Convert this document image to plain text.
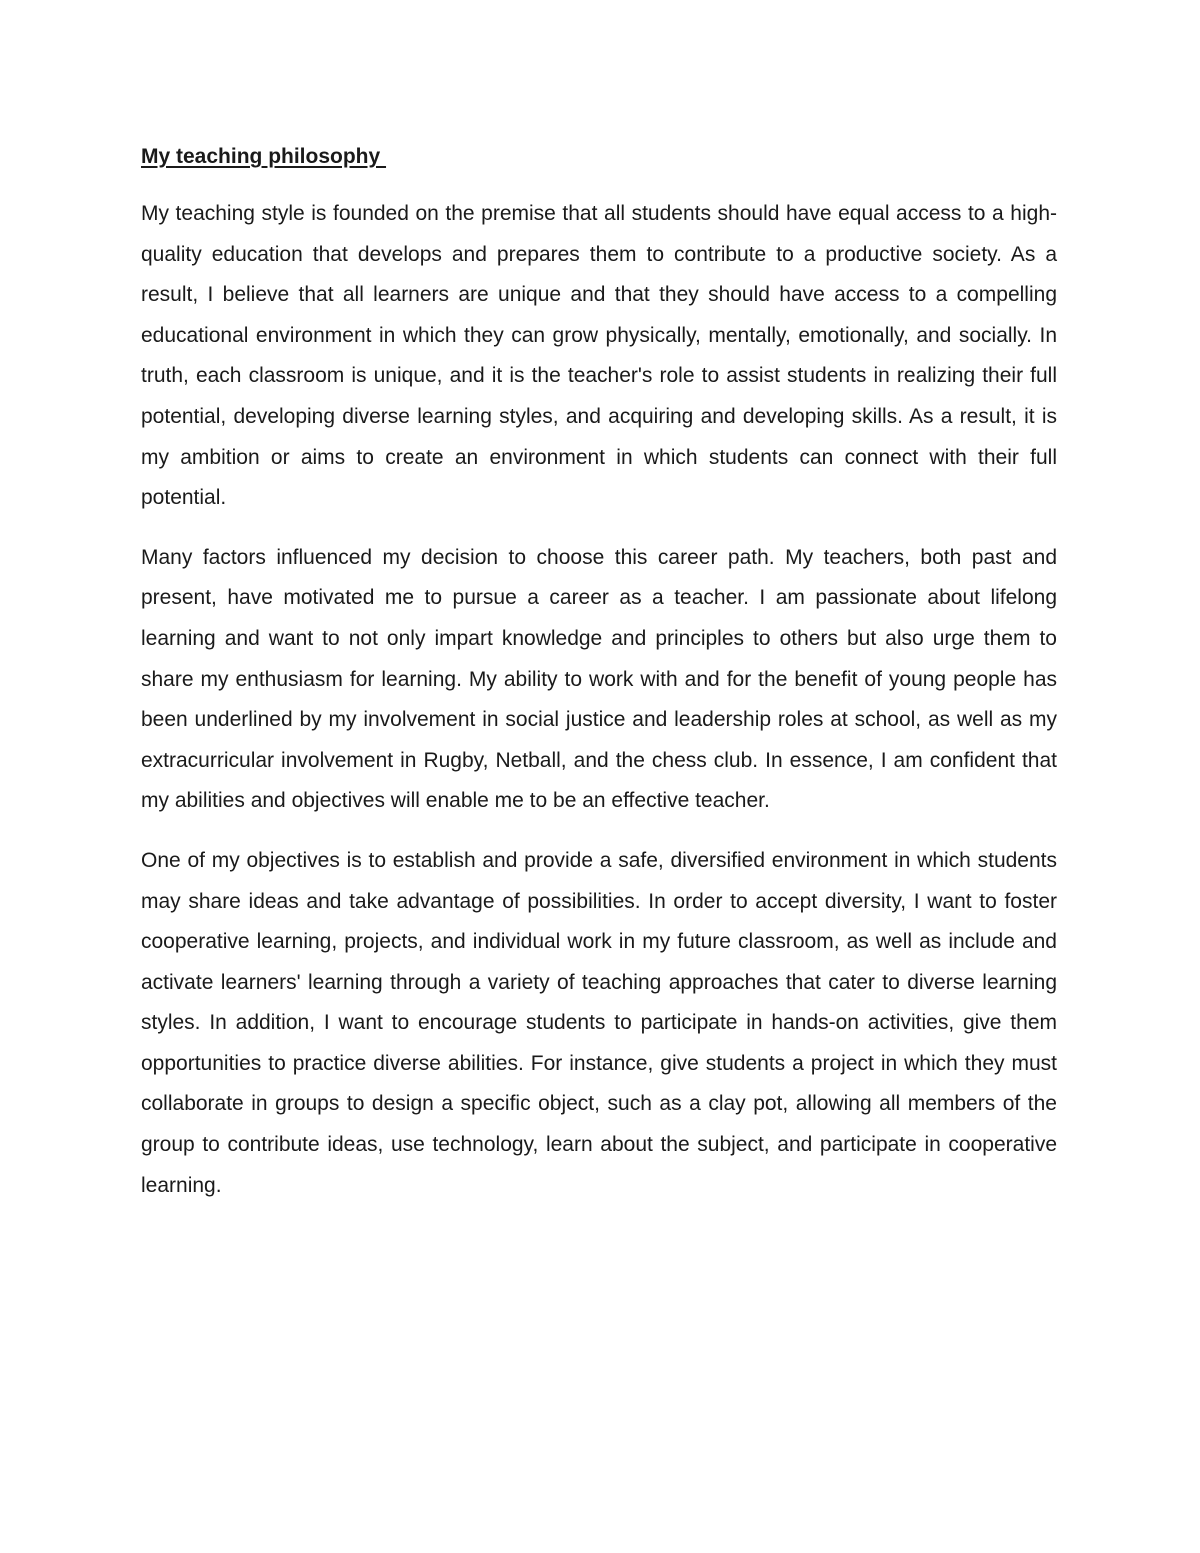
My teaching philosophy

My teaching style is founded on the premise that all students should have equal access to a high-quality education that develops and prepares them to contribute to a productive society. As a result, I believe that all learners are unique and that they should have access to a compelling educational environment in which they can grow physically, mentally, emotionally, and socially. In truth, each classroom is unique, and it is the teacher's role to assist students in realizing their full potential, developing diverse learning styles, and acquiring and developing skills. As a result, it is my ambition or aims to create an environment in which students can connect with their full potential.

Many factors influenced my decision to choose this career path. My teachers, both past and present, have motivated me to pursue a career as a teacher. I am passionate about lifelong learning and want to not only impart knowledge and principles to others but also urge them to share my enthusiasm for learning. My ability to work with and for the benefit of young people has been underlined by my involvement in social justice and leadership roles at school, as well as my extracurricular involvement in Rugby, Netball, and the chess club. In essence, I am confident that my abilities and objectives will enable me to be an effective teacher.

One of my objectives is to establish and provide a safe, diversified environment in which students may share ideas and take advantage of possibilities. In order to accept diversity, I want to foster cooperative learning, projects, and individual work in my future classroom, as well as include and activate learners' learning through a variety of teaching approaches that cater to diverse learning styles. In addition, I want to encourage students to participate in hands-on activities, give them opportunities to practice diverse abilities. For instance, give students a project in which they must collaborate in groups to design a specific object, such as a clay pot, allowing all members of the group to contribute ideas, use technology, learn about the subject, and participate in cooperative learning.
